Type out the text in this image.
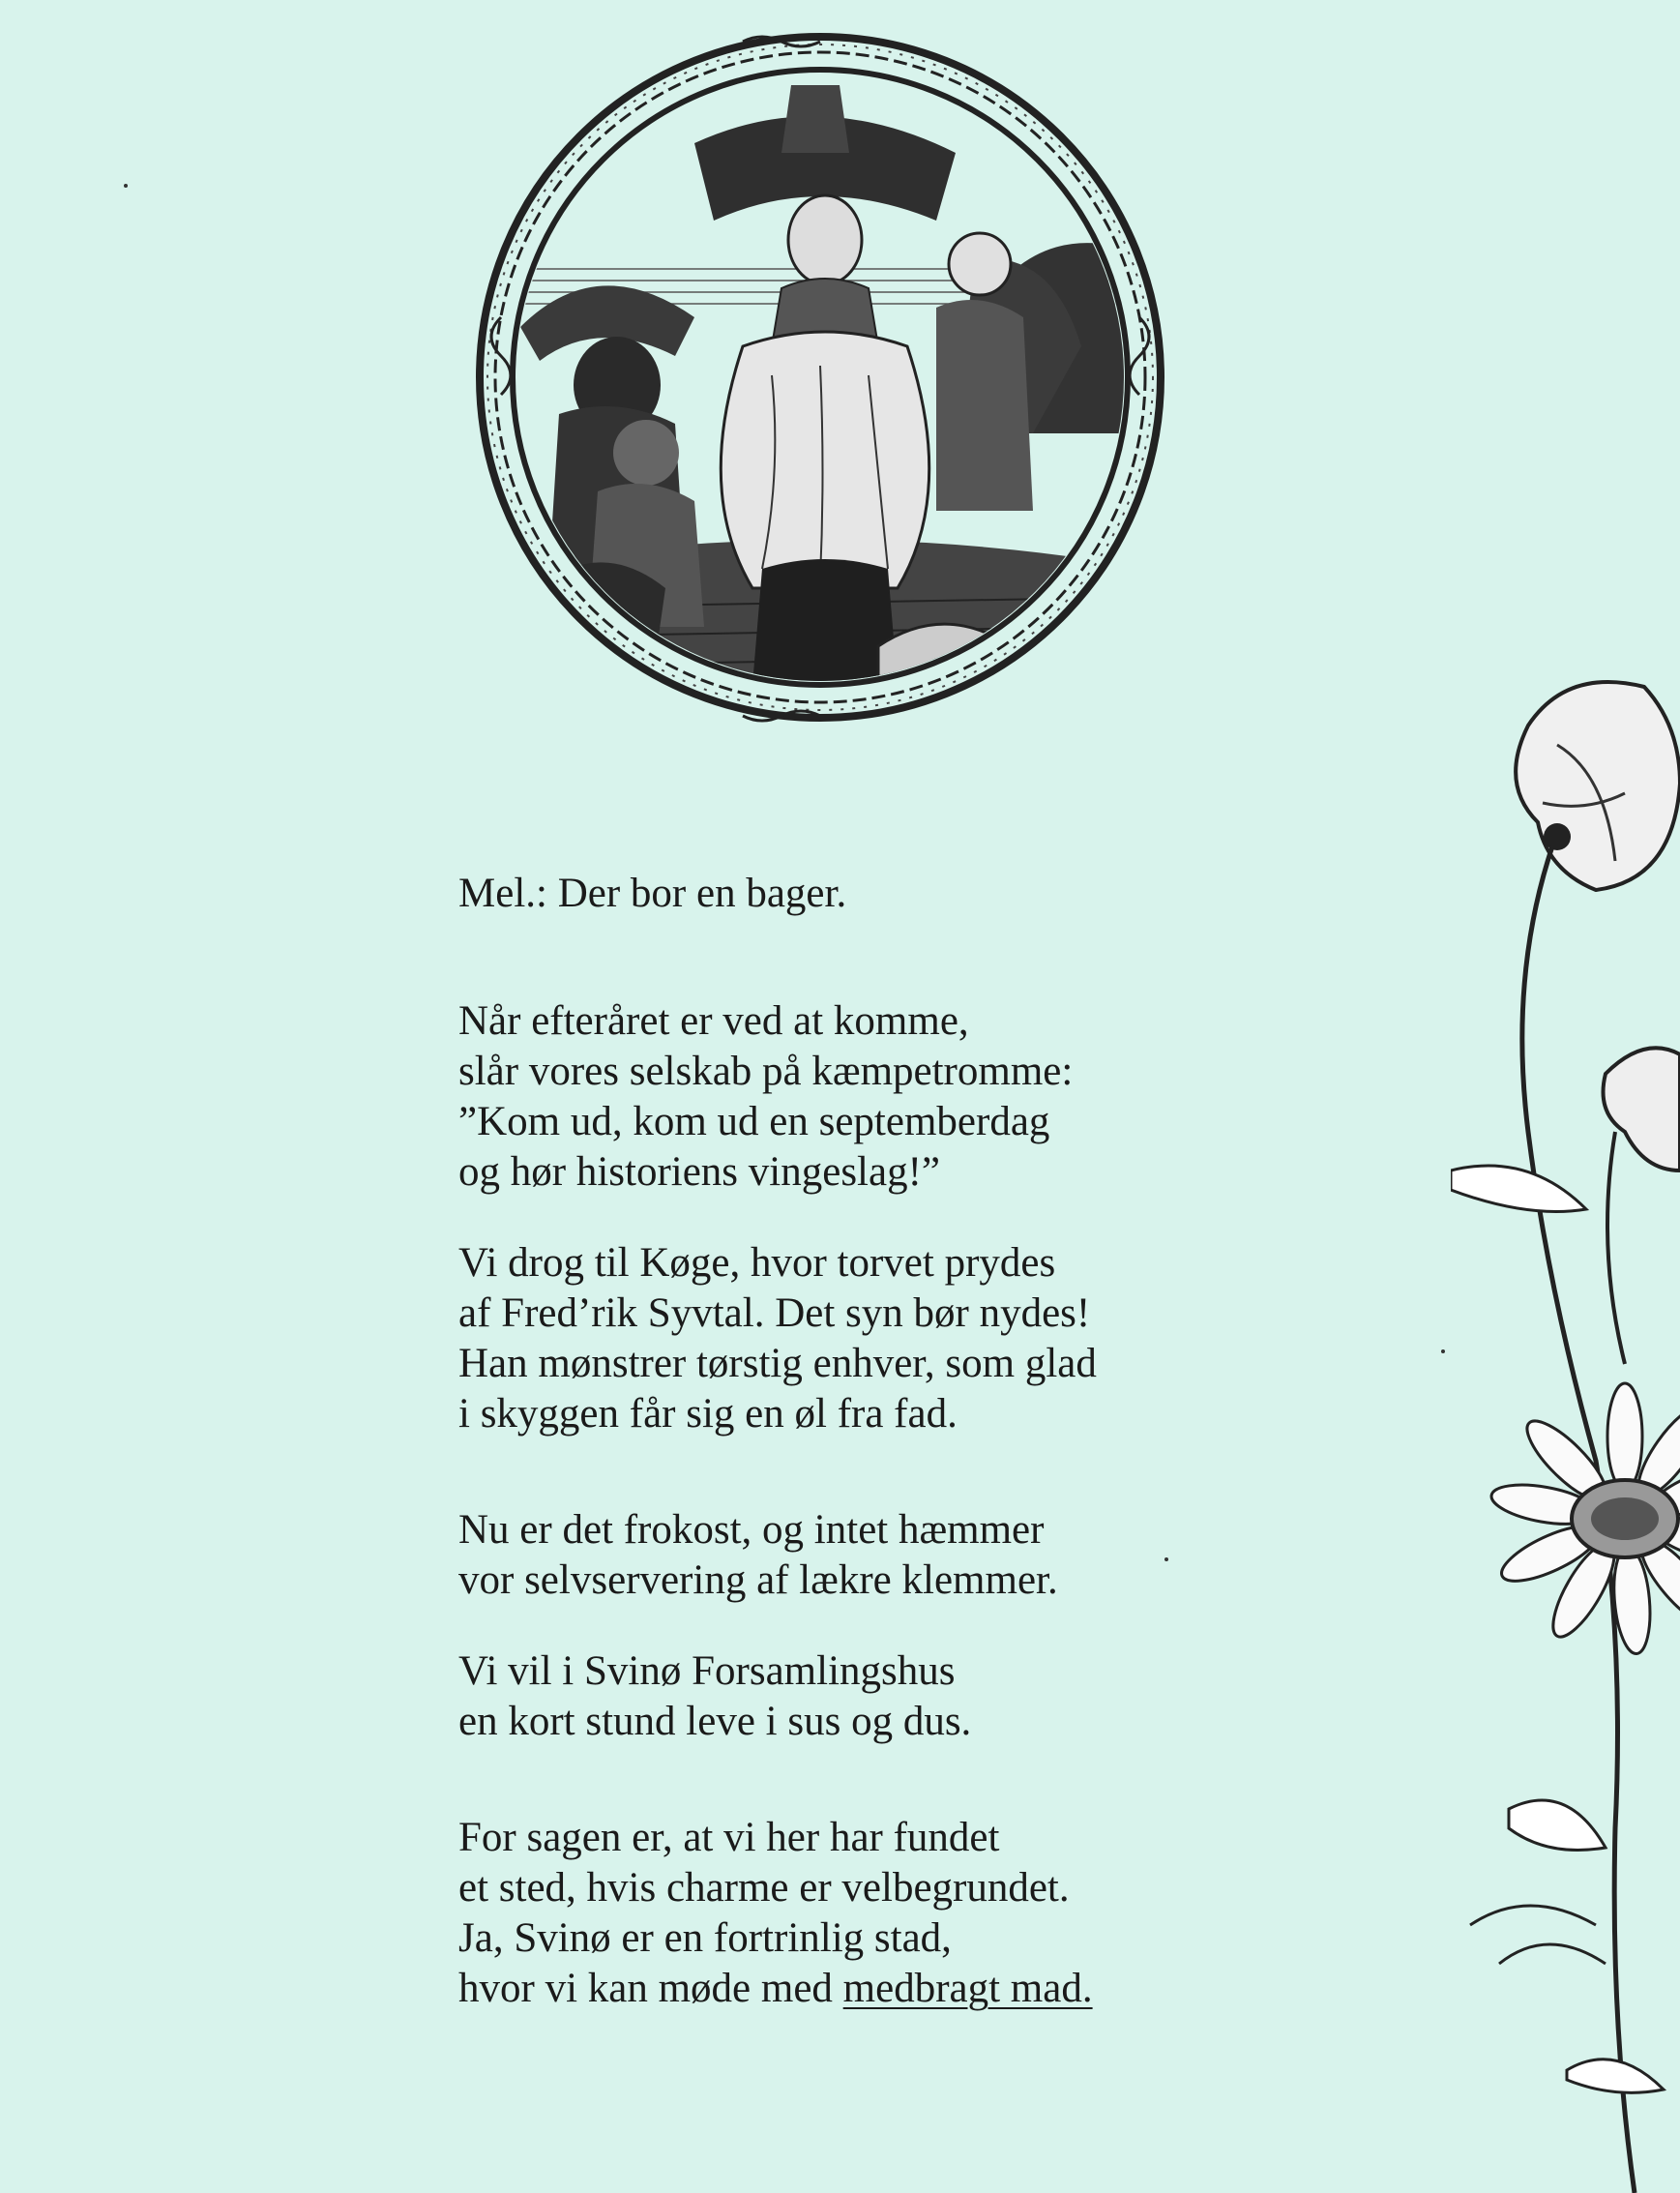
Mel.: Der bor en bager.
Når efteråret er ved at komme,
slår vores selskab på kæmpetromme:
”Kom ud, kom ud en septemberdag
og hør historiens vingeslag!”
Vi drog til Køge, hvor torvet prydes
af Fred’rik Syvtal. Det syn bør nydes!
Han mønstrer tørstig enhver, som glad
i skyggen får sig en øl fra fad.
Nu er det frokost, og intet hæmmer
vor selvservering af lækre klemmer.
Vi vil i Svinø Forsamlingshus
en kort stund leve i sus og dus.
For sagen er, at vi her har fundet
et sted, hvis charme er velbegrundet.
Ja, Svinø er en fortrinlig stad,
hvor vi kan møde med medbragt mad.
